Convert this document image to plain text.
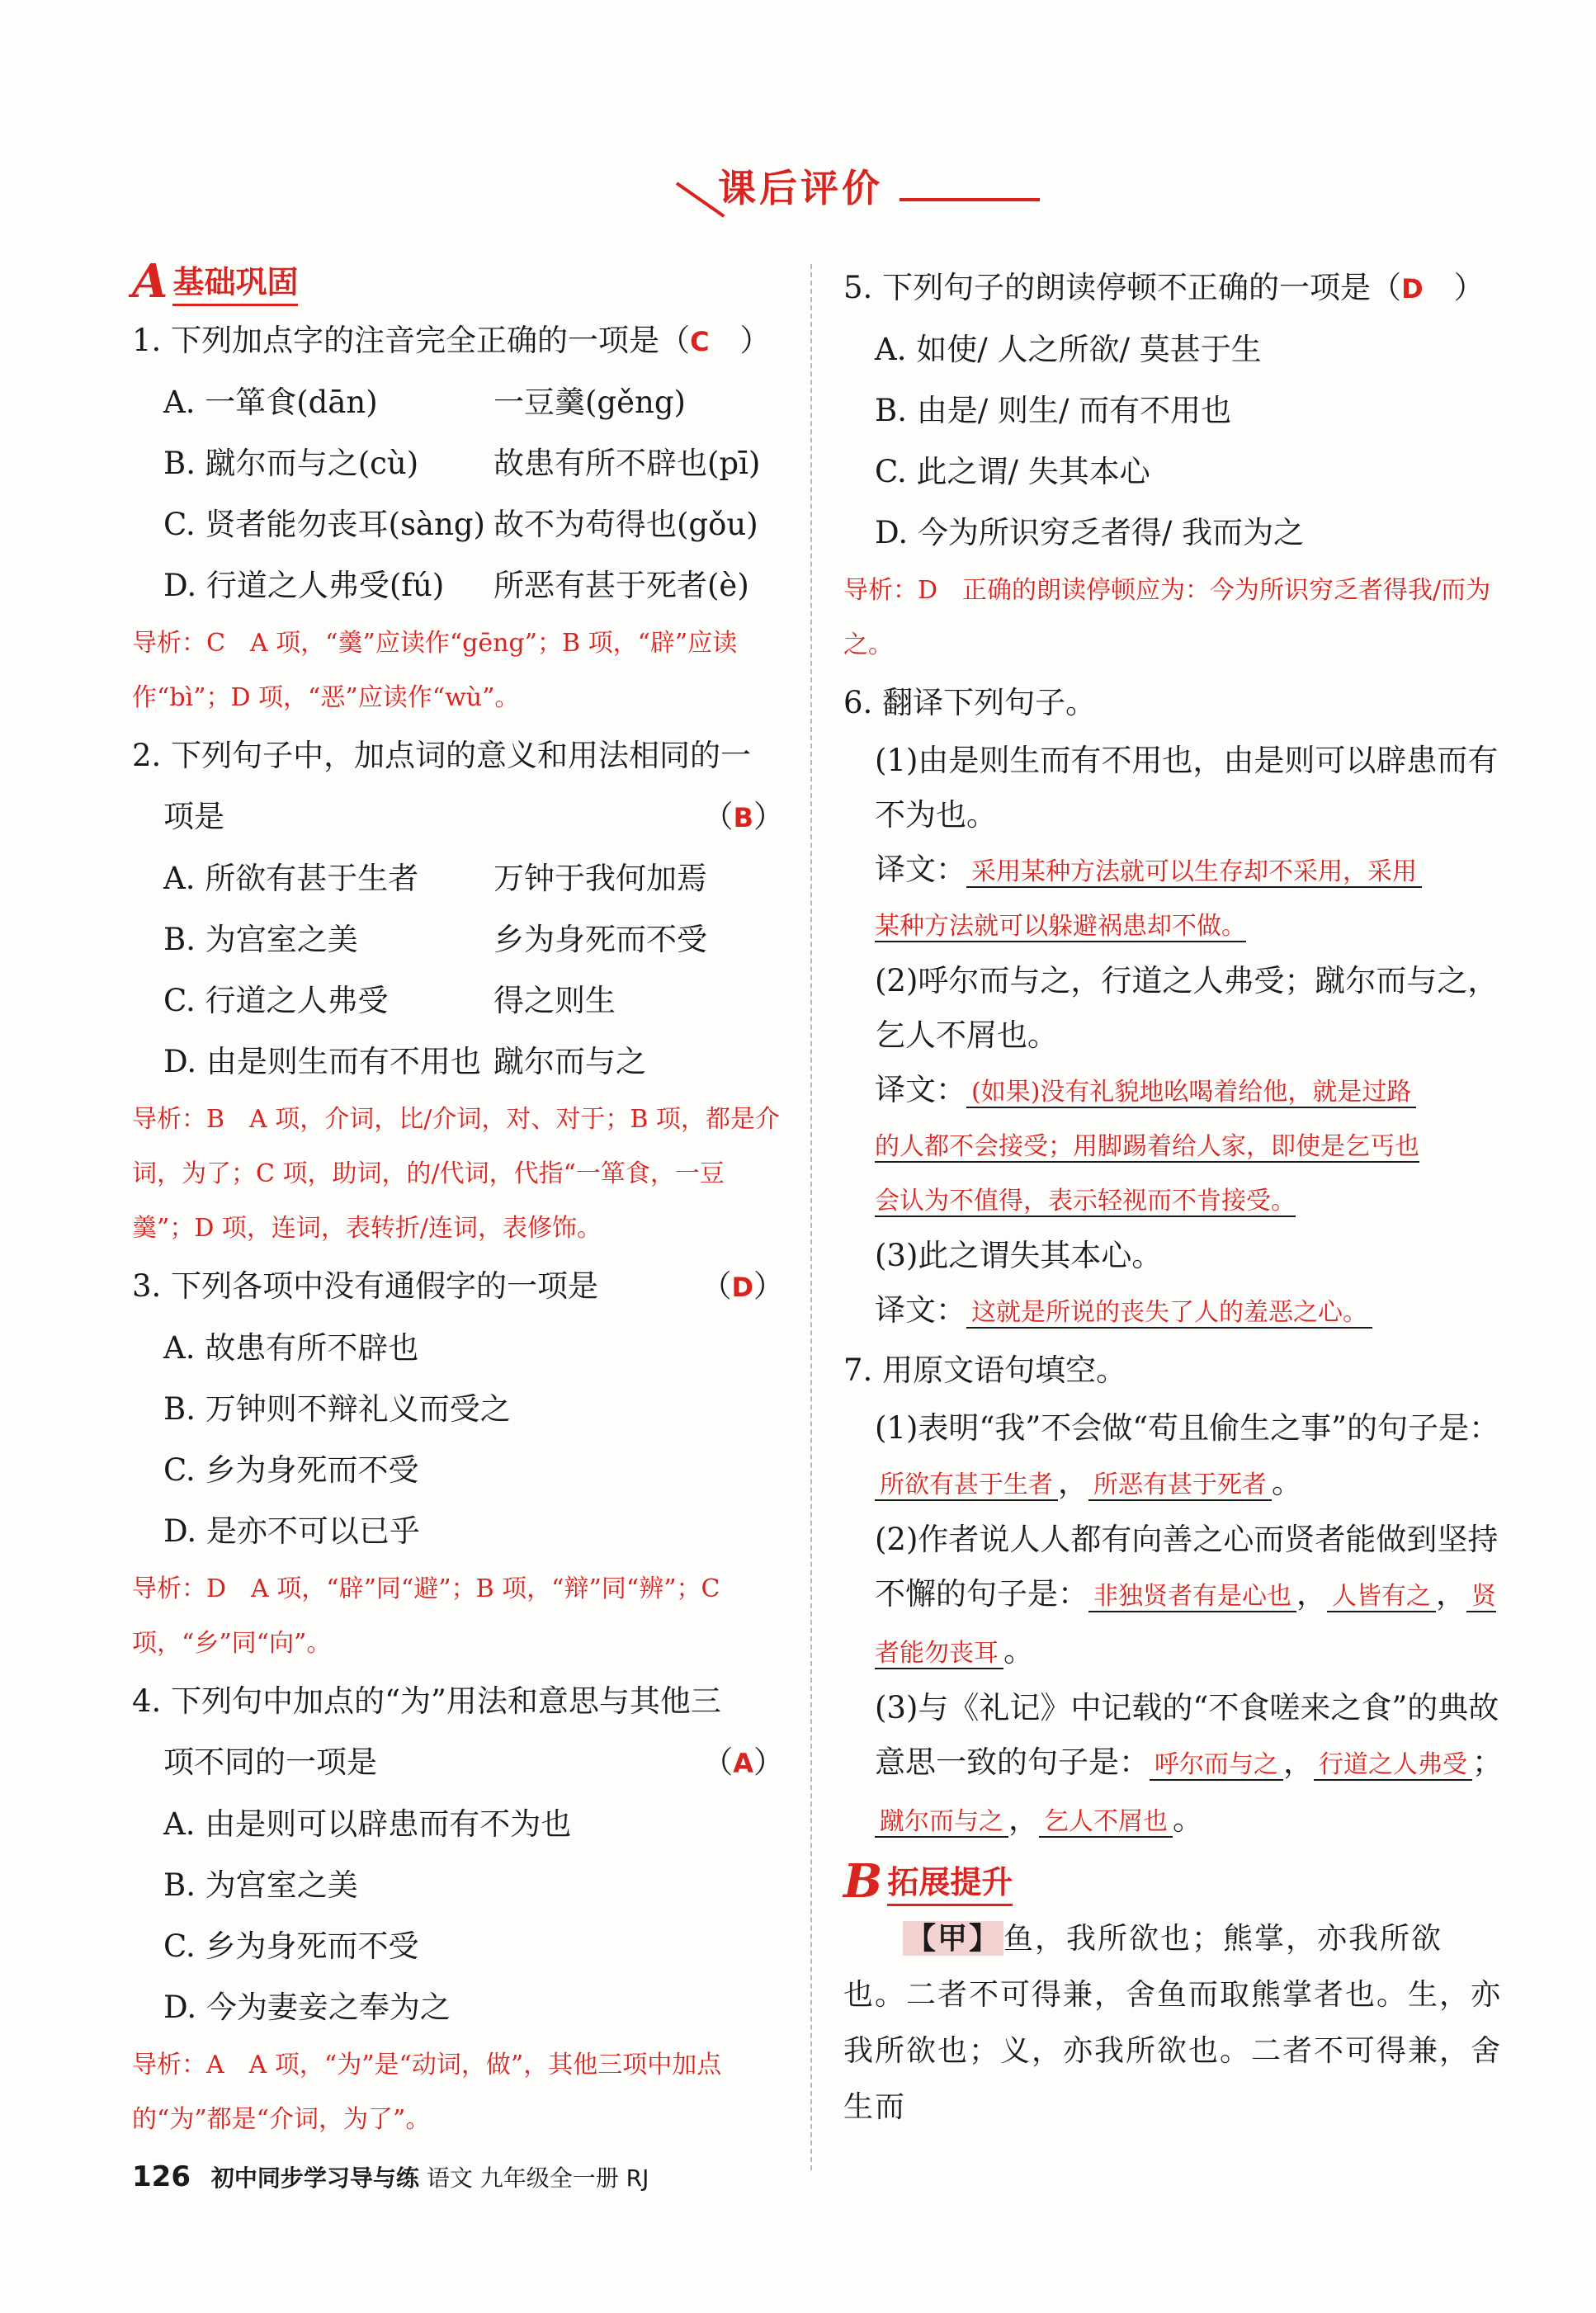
课后评价
A 基础巩固
1. 下列加点字的注音完全正确的一项是（C　 ）
A. 一箪食(dān)	一豆羹(gěng)
B. 蹴尔而与之(cù)	故患有所不辟也(pī)
C. 贤者能勿丧耳(sàng) 故不为苟得也(gǒu)
D. 行道之人弗受(fú)	所恶有甚于死者(è)
导析：C　A 项，“羹”应读作“gēng”；B 项，“辟”应读作“bì”；D 项，“恶”应读作“wù”。
2. 下列句子中，加点词的意义和用法相同的一
项是	（B）
A. 所欲有甚于生者	万钟于我何加焉
B. 为宫室之美	乡为身死而不受
C. 行道之人弗受	得之则生
D. 由是则生而有不用也 蹴尔而与之
导析：B　A 项，介词，比/介词，对、对于；B 项，都是介词，为了；C 项，助词，的/代词，代指“一箪食，一豆羹”；D 项，连词，表转折/连词，表修饰。
3. 下列各项中没有通假字的一项是	（D）
A. 故患有所不辟也
B. 万钟则不辩礼义而受之
C. 乡为身死而不受
D. 是亦不可以已乎
导析：D　A 项，“辟”同“避”；B 项，“辩”同“辨”；C 项，“乡”同“向”。
4. 下列句中加点的“为”用法和意思与其他三
项不同的一项是	（A）
A. 由是则可以辟患而有不为也
B. 为宫室之美
C. 乡为身死而不受
D. 今为妻妾之奉为之
导析：A　A 项，“为”是“动词，做”，其他三项中加点的“为”都是“介词，为了”。
5. 下列句子的朗读停顿不正确的一项是（D　 ）
A. 如使/ 人之所欲/ 莫甚于生
B. 由是/ 则生/ 而有不用也
C. 此之谓/ 失其本心
D. 今为所识穷乏者得/ 我而为之
导析：D　正确的朗读停顿应为：今为所识穷乏者得我/而为之。
6. 翻译下列句子。
(1)由是则生而有不用也，由是则可以辟患而有不为也。
译文： 采用某种方法就可以生存却不采用，采用
某种方法就可以躲避祸患却不做。
(2)呼尔而与之，行道之人弗受；蹴尔而与之，乞人不屑也。
译文： (如果)没有礼貌地吆喝着给他，就是过路
的人都不会接受；用脚踢着给人家，即使是乞丐也
会认为不值得，表示轻视而不肯接受。
(3)此之谓失其本心。
译文： 这就是所说的丧失了人的羞恶之心。
7. 用原文语句填空。
(1)表明“我”不会做“苟且偷生之事”的句子是：所欲有甚于生者 ， 所恶有甚于死者 。
(2)作者说人人都有向善之心而贤者能做到坚持不懈的句子是： 非独贤者有是心也 ， 人皆有之 ， 贤者能勿丧耳 。
(3)与《礼记》中记载的“不食嗟来之食”的典故意思一致的句子是： 呼尔而与之 ， 行道之人弗受 ；蹴尔而与之 ， 乞人不屑也 。
B 拓展提升
【甲】 鱼，我所欲也；熊掌，亦我所欲也。二者不可得兼，舍鱼而取熊掌者也。生，亦我所欲也；义，亦我所欲也。二者不可得兼，舍生而
126 初中同步学习导与练 语文 九年级全一册 RJ
